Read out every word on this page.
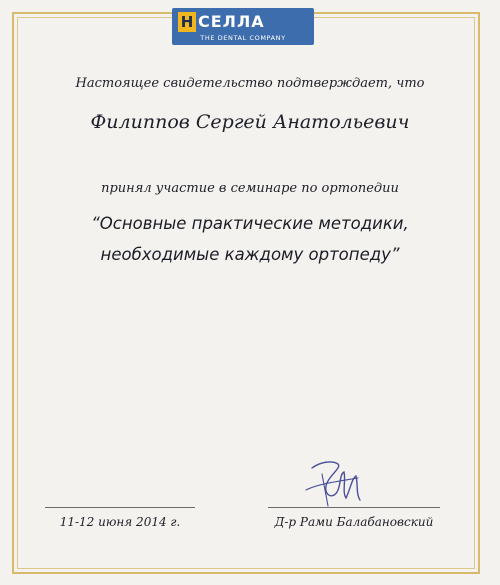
H СЕЛЛА
THE DENTAL COMPANY
Настоящее свидетельство подтверждает, что
Филиппов Сергей Анатольевич
принял участие в семинаре по ортопедии
“Основные практические методики,
необходимые каждому ортопеду”
11-12 июня 2014 г.	Д-р Рами Балабановский
